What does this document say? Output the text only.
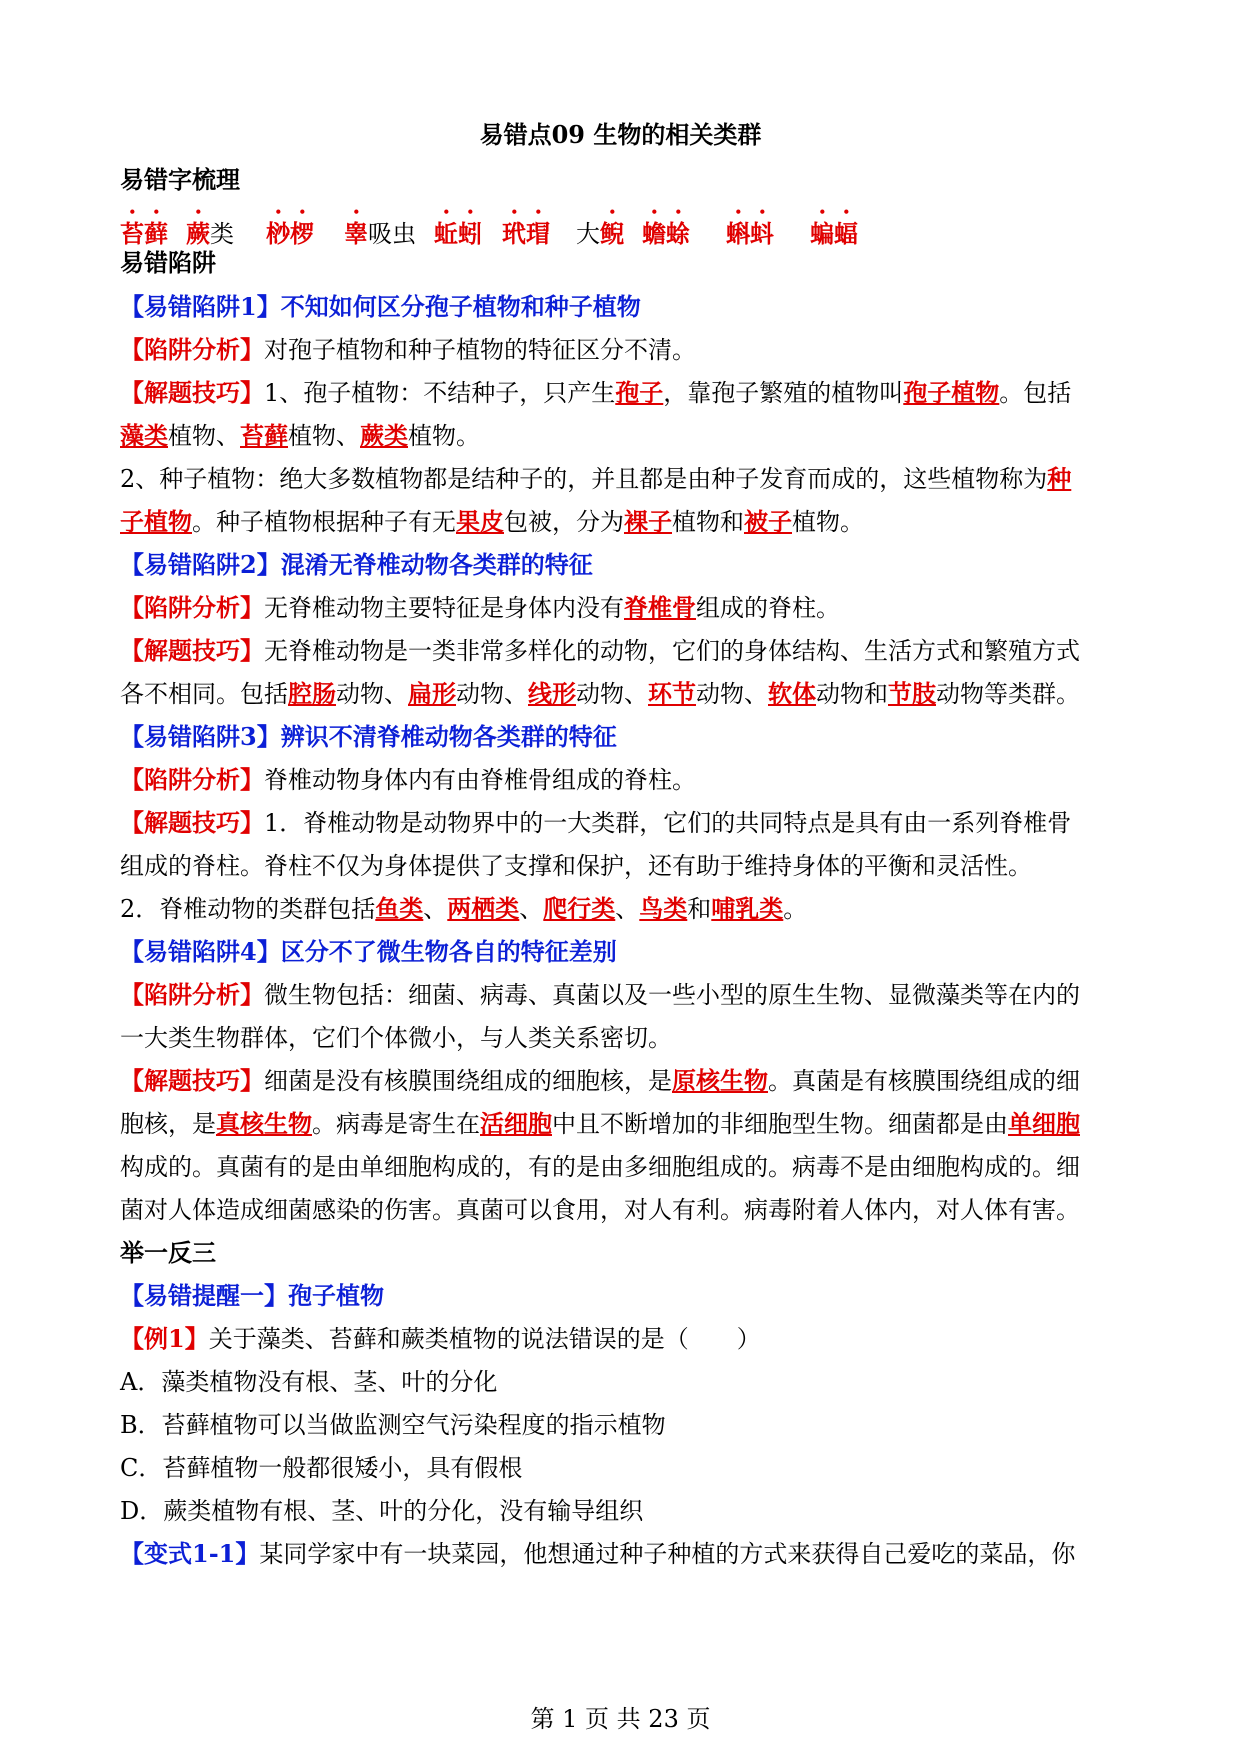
易错点09 生物的相关类群
易错字梳理
苔藓 蕨类 桫椤 睾吸虫 蚯蚓 玳瑁 大鲵 蟾蜍 蝌蚪 蝙蝠
易错陷阱
【易错陷阱1】不知如何区分孢子植物和种子植物
【陷阱分析】对孢子植物和种子植物的特征区分不清。
【解题技巧】1、孢子植物：不结种子，只产生孢子，靠孢子繁殖的植物叫孢子植物。包括
藻类植物、苔藓植物、蕨类植物。
2、种子植物：绝大多数植物都是结种子的，并且都是由种子发育而成的，这些植物称为种
子植物。种子植物根据种子有无果皮包被，分为裸子植物和被子植物。
【易错陷阱2】混淆无脊椎动物各类群的特征
【陷阱分析】无脊椎动物主要特征是身体内没有脊椎骨组成的脊柱。
【解题技巧】无脊椎动物是一类非常多样化的动物，它们的身体结构、生活方式和繁殖方式
各不相同。包括腔肠动物、扁形动物、线形动物、环节动物、软体动物和节肢动物等类群。
【易错陷阱3】辨识不清脊椎动物各类群的特征
【陷阱分析】脊椎动物身体内有由脊椎骨组成的脊柱。
【解题技巧】1．脊椎动物是动物界中的一大类群，它们的共同特点是具有由一系列脊椎骨
组成的脊柱。脊柱不仅为身体提供了支撑和保护，还有助于维持身体的平衡和灵活性。
2．脊椎动物的类群包括鱼类、两栖类、爬行类、鸟类和哺乳类。
【易错陷阱4】区分不了微生物各自的特征差别
【陷阱分析】微生物包括：细菌、病毒、真菌以及一些小型的原生生物、显微藻类等在内的
一大类生物群体，它们个体微小，与人类关系密切。
【解题技巧】细菌是没有核膜围绕组成的细胞核，是原核生物。真菌是有核膜围绕组成的细
胞核，是真核生物。病毒是寄生在活细胞中且不断增加的非细胞型生物。细菌都是由单细胞
构成的。真菌有的是由单细胞构成的，有的是由多细胞组成的。病毒不是由细胞构成的。细
菌对人体造成细菌感染的伤害。真菌可以食用，对人有利。病毒附着人体内，对人体有害。
举一反三
【易错提醒一】孢子植物
【例1】关于藻类、苔藓和蕨类植物的说法错误的是（　　）
A．藻类植物没有根、茎、叶的分化
B．苔藓植物可以当做监测空气污染程度的指示植物
C．苔藓植物一般都很矮小，具有假根
D．蕨类植物有根、茎、叶的分化，没有输导组织
【变式1-1】某同学家中有一块菜园，他想通过种子种植的方式来获得自己爱吃的菜品，你
第 1 页 共 23 页
